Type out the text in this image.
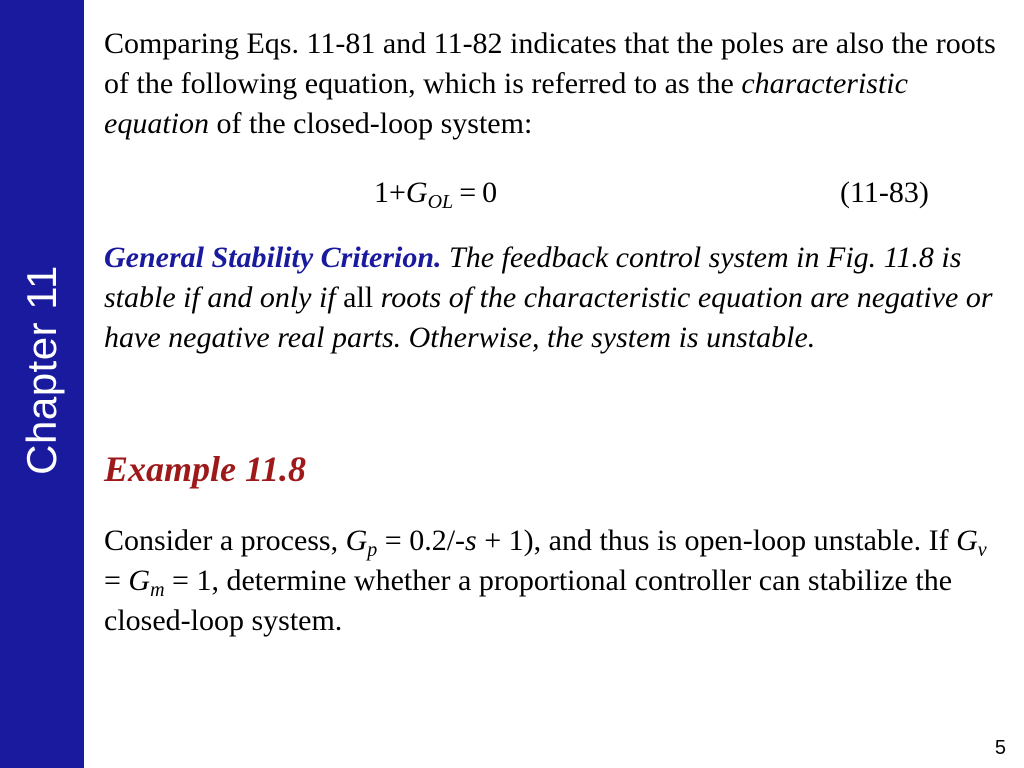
Chapter 11

Comparing Eqs. 11-81 and 11-82 indicates that the poles are also the roots of the following equation, which is referred to as the characteristic equation of the closed-loop system:

$1+G_{OL} = 0$	(11-83)

General Stability Criterion. The feedback control system in Fig. 11.8 is stable if and only if all roots of the characteristic equation are negative or have negative real parts. Otherwise, the system is unstable.

Example 11.8

Consider a process, $G_p = 0.2/-s + 1$), and thus is open-loop unstable. If $G_v = G_m = 1$, determine whether a proportional controller can stabilize the closed-loop system.

5
